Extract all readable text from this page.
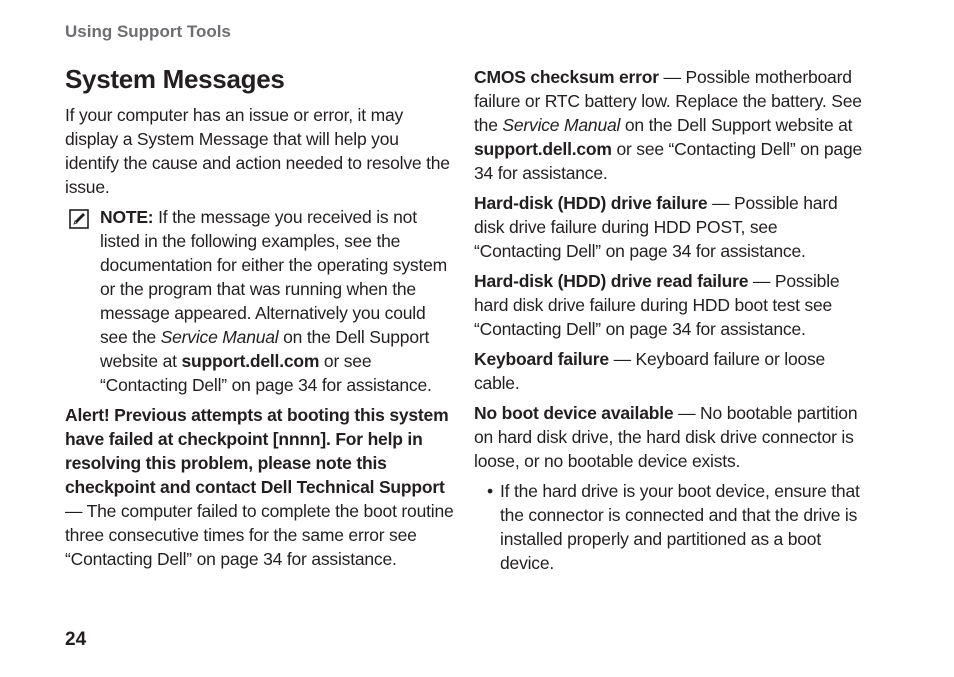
Using Support Tools
System Messages

If your computer has an issue or error, it may display a System Message that will help you identify the cause and action needed to resolve the issue.

NOTE: If the message you received is not listed in the following examples, see the documentation for either the operating system or the program that was running when the message appeared. Alternatively you could see the Service Manual on the Dell Support website at support.dell.com or see “Contacting Dell” on page 34 for assistance.

Alert! Previous attempts at booting this system have failed at checkpoint [nnnn]. For help in resolving this problem, please note this checkpoint and contact Dell Technical Support — The computer failed to complete the boot routine three consecutive times for the same error see “Contacting Dell” on page 34 for assistance.

CMOS checksum error — Possible motherboard failure or RTC battery low. Replace the battery. See the Service Manual on the Dell Support website at support.dell.com or see “Contacting Dell” on page 34 for assistance.

Hard-disk (HDD) drive failure — Possible hard disk drive failure during HDD POST, see “Contacting Dell” on page 34 for assistance.

Hard-disk (HDD) drive read failure — Possible hard disk drive failure during HDD boot test see “Contacting Dell” on page 34 for assistance.

Keyboard failure — Keyboard failure or loose cable.

No boot device available — No bootable partition on hard disk drive, the hard disk drive connector is loose, or no bootable device exists.

• If the hard drive is your boot device, ensure that the connector is connected and that the drive is installed properly and partitioned as a boot device.
24
